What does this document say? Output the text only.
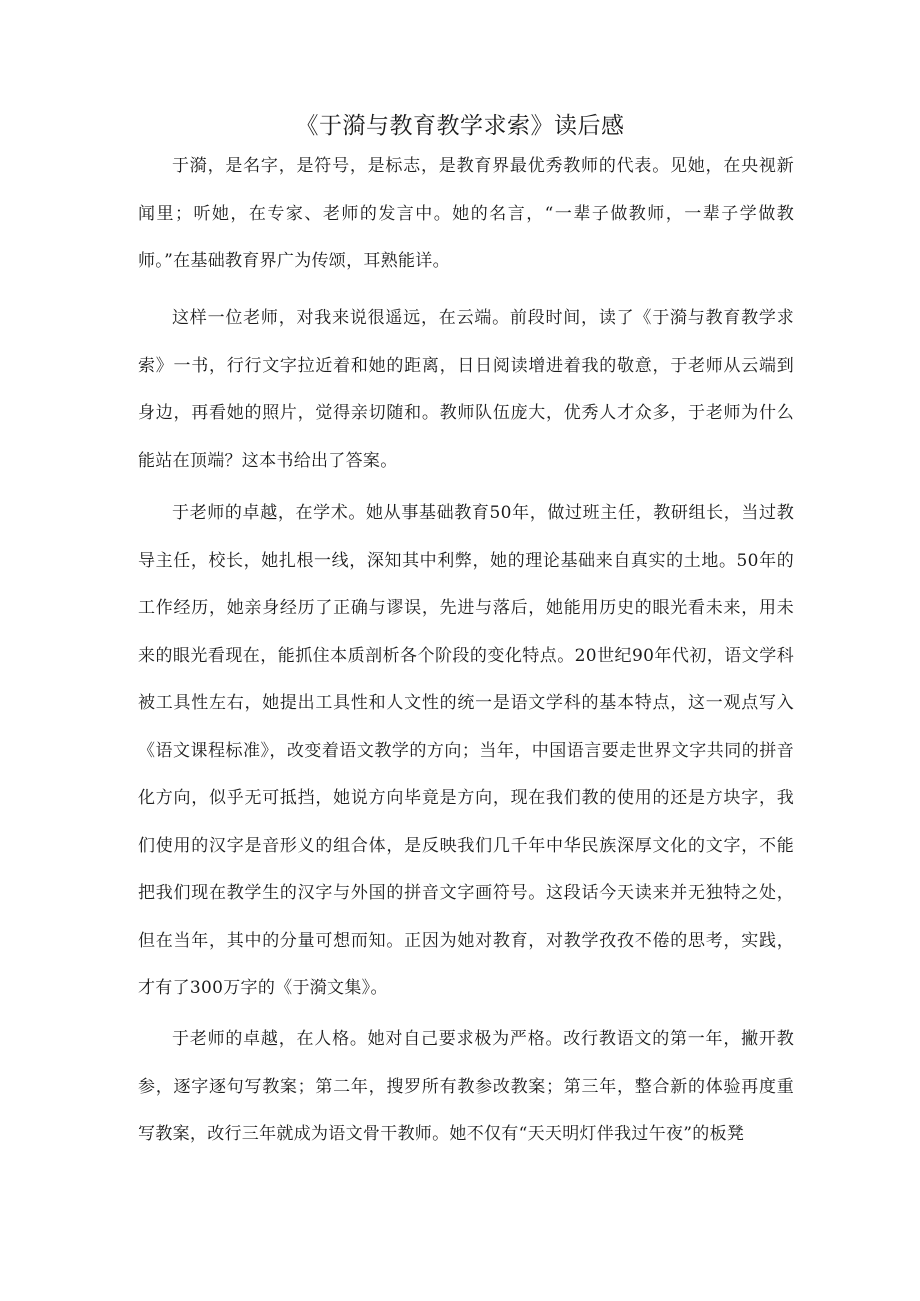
《于漪与教育教学求索》读后感

于漪，是名字，是符号，是标志，是教育界最优秀教师的代表。见她，在央视新闻里；听她，在专家、老师的发言中。她的名言，“一辈子做教师，一辈子学做教师。”在基础教育界广为传颂，耳熟能详。

这样一位老师，对我来说很遥远，在云端。前段时间，读了《于漪与教育教学求索》一书，行行文字拉近着和她的距离，日日阅读增进着我的敬意，于老师从云端到身边，再看她的照片，觉得亲切随和。教师队伍庞大，优秀人才众多，于老师为什么能站在顶端？这本书给出了答案。

于老师的卓越，在学术。她从事基础教育50年，做过班主任，教研组长，当过教导主任，校长，她扎根一线，深知其中利弊，她的理论基础来自真实的土地。50年的工作经历，她亲身经历了正确与谬误，先进与落后，她能用历史的眼光看未来，用未来的眼光看现在，能抓住本质剖析各个阶段的变化特点。20世纪90年代初，语文学科被工具性左右，她提出工具性和人文性的统一是语文学科的基本特点，这一观点写入《语文课程标准》，改变着语文教学的方向；当年，中国语言要走世界文字共同的拼音化方向，似乎无可抵挡，她说方向毕竟是方向，现在我们教的使用的还是方块字，我们使用的汉字是音形义的组合体，是反映我们几千年中华民族深厚文化的文字，不能把我们现在教学生的汉字与外国的拼音文字画符号。这段话今天读来并无独特之处，但在当年，其中的分量可想而知。正因为她对教育，对教学孜孜不倦的思考，实践，才有了300万字的《于漪文集》。

于老师的卓越，在人格。她对自己要求极为严格。改行教语文的第一年，撇开教参，逐字逐句写教案；第二年，搜罗所有教参改教案；第三年，整合新的体验再度重写教案，改行三年就成为语文骨干教师。她不仅有“天天明灯伴我过午夜”的板凳
